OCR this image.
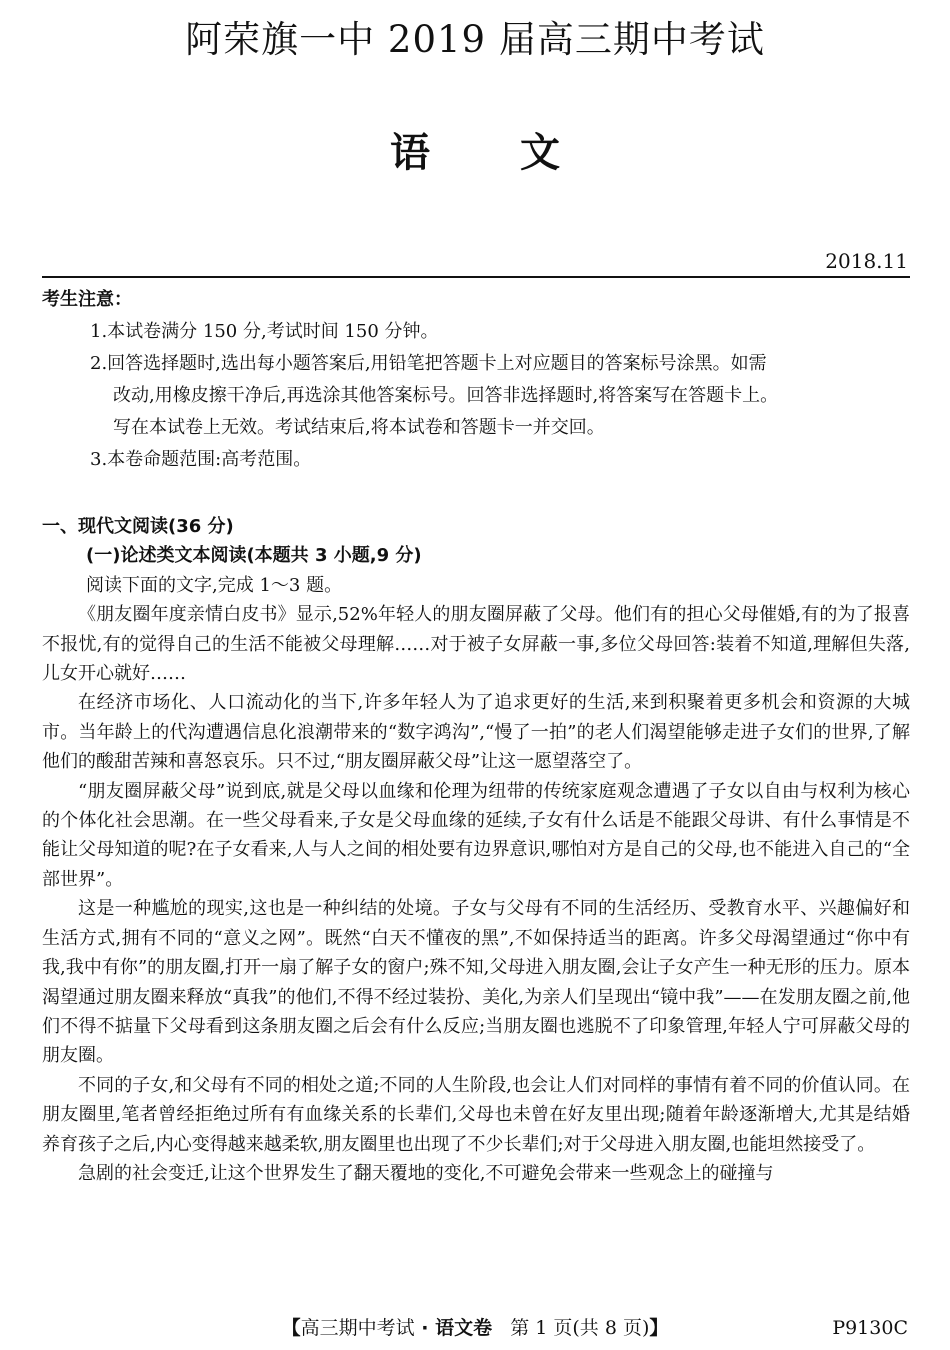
阿荣旗一中 2019 届高三期中考试
语文
2018.11
考生注意：
1.本试卷满分 150 分,考试时间 150 分钟。
2.回答选择题时,选出每小题答案后,用铅笔把答题卡上对应题目的答案标号涂黑。如需
改动,用橡皮擦干净后,再选涂其他答案标号。回答非选择题时,将答案写在答题卡上。
写在本试卷上无效。考试结束后,将本试卷和答题卡一并交回。
3.本卷命题范围:高考范围。
一、现代文阅读(36 分)
(一)论述类文本阅读(本题共 3 小题,9 分)
阅读下面的文字,完成 1～3 题。

《朋友圈年度亲情白皮书》显示,52%年轻人的朋友圈屏蔽了父母。他们有的担心父母催婚,有的为了报喜不报忧,有的觉得自己的生活不能被父母理解……对于被子女屏蔽一事,多位父母回答:装着不知道,理解但失落,儿女开心就好……

在经济市场化、人口流动化的当下,许多年轻人为了追求更好的生活,来到积聚着更多机会和资源的大城市。当年龄上的代沟遭遇信息化浪潮带来的“数字鸿沟”,“慢了一拍”的老人们渴望能够走进子女们的世界,了解他们的酸甜苦辣和喜怒哀乐。只不过,“朋友圈屏蔽父母”让这一愿望落空了。

“朋友圈屏蔽父母”说到底,就是父母以血缘和伦理为纽带的传统家庭观念遭遇了子女以自由与权利为核心的个体化社会思潮。在一些父母看来,子女是父母血缘的延续,子女有什么话是不能跟父母讲、有什么事情是不能让父母知道的呢?在子女看来,人与人之间的相处要有边界意识,哪怕对方是自己的父母,也不能进入自己的“全部世界”。

这是一种尴尬的现实,这也是一种纠结的处境。子女与父母有不同的生活经历、受教育水平、兴趣偏好和生活方式,拥有不同的“意义之网”。既然“白天不懂夜的黑”,不如保持适当的距离。许多父母渴望通过“你中有我,我中有你”的朋友圈,打开一扇了解子女的窗户;殊不知,父母进入朋友圈,会让子女产生一种无形的压力。原本渴望通过朋友圈来释放“真我”的他们,不得不经过装扮、美化,为亲人们呈现出“镜中我”——在发朋友圈之前,他们不得不掂量下父母看到这条朋友圈之后会有什么反应;当朋友圈也逃脱不了印象管理,年轻人宁可屏蔽父母的朋友圈。

不同的子女,和父母有不同的相处之道;不同的人生阶段,也会让人们对同样的事情有着不同的价值认同。在朋友圈里,笔者曾经拒绝过所有有血缘关系的长辈们,父母也未曾在好友里出现;随着年龄逐渐增大,尤其是结婚养育孩子之后,内心变得越来越柔软,朋友圈里也出现了不少长辈们;对于父母进入朋友圈,也能坦然接受了。

急剧的社会变迁,让这个世界发生了翻天覆地的变化,不可避免会带来一些观念上的碰撞与

【高三期中考试 · 语文卷 第 1 页(共 8 页)】	P9130C
